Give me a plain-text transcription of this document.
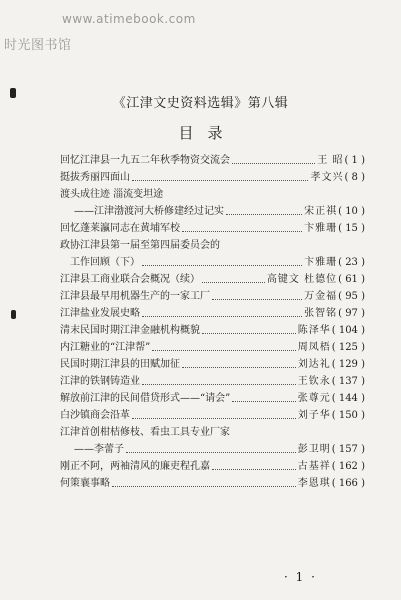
www.atimebook.com
时光图书馆
《江津文史资料选辑》第八辑
目录
回忆江津县一九五二年秋季物资交流会	王 昭 ( 1 )
挺拔秀丽四面山	孝文兴 ( 8 )
渡头成往迹 淄流变坦途
——江津渤渡河大桥修建经过记实	宋正祺 ( 10 )
回忆蓬莱瀛同志在黄埔军校	卞雅珊 ( 15 )
政协江津县第一届至第四届委员会的
工作回顾（下）	卞雅珊 ( 23 )
江津县工商业联合会概况（续）	高键文 杜德位 ( 61 )
江津县最早用机器生产的一家工厂	万金福 ( 95 )
江津盐业发展史略	张智铭 ( 97 )
清末民国时期江津金融机构概貌	陈泽华 ( 104 )
内江糖业的“江津帮”	周凤梧 ( 125 )
民国时期江津县的田赋加征	刘达礼 ( 129 )
江津的铁钢铸造业	王钦永 ( 137 )
解放前江津的民间借贷形式——“请会”	张尊元 ( 144 )
白沙镇商会沿革	刘子华 ( 150 )
江津首创柑桔修枝、看虫工具专业厂家
——李蕾子	彭卫明 ( 157 )
刚正不阿，两袖清风的廉吏程孔嘉	古基祥 ( 162 )
何策襄事略	李恩琪 ( 166 )
· 1 ·
